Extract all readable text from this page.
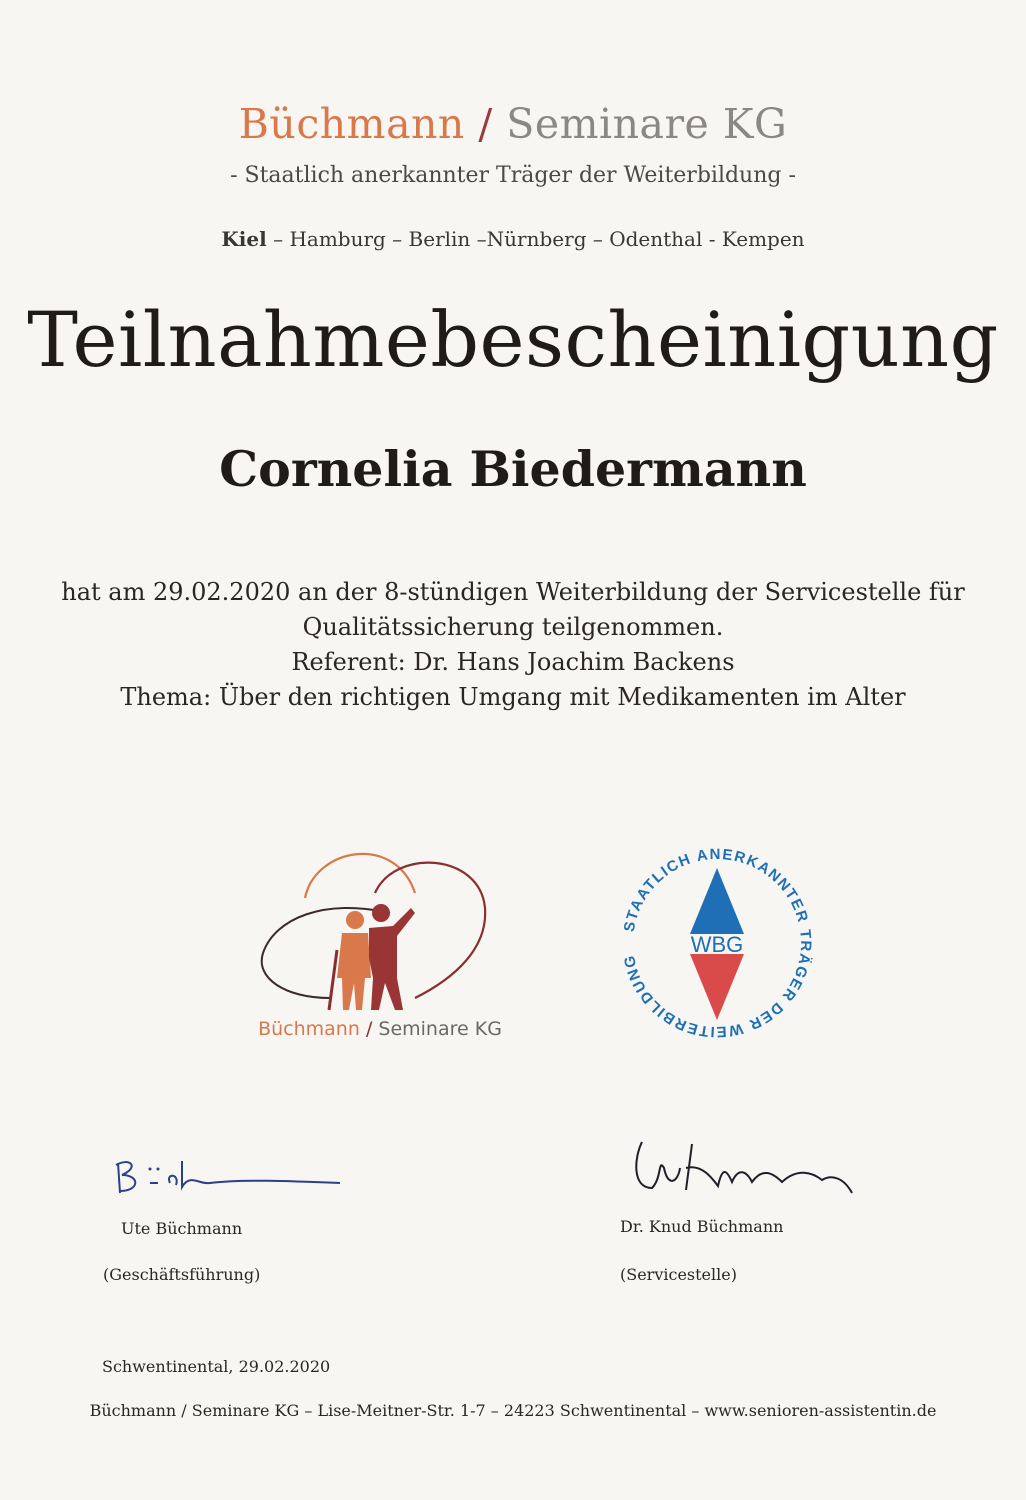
Büchmann / Seminare KG
- Staatlich anerkannter Träger der Weiterbildung -
Kiel – Hamburg – Berlin –Nürnberg – Odenthal - Kempen
Teilnahmebescheinigung
Cornelia Biedermann
hat am 29.02.2020 an der 8-stündigen Weiterbildung der Servicestelle für
Qualitätssicherung teilgenommen.
Referent: Dr. Hans Joachim Backens
Thema: Über den richtigen Umgang mit Medikamenten im Alter
Büchmann / Seminare KG
STAATLICH ANERKANNTER TRÄGER DER WEITERBILDUNG
WBG
Ute Büchmann
(Geschäftsführung)
Dr. Knud Büchmann
(Servicestelle)
Schwentinental, 29.02.2020
Büchmann / Seminare KG – Lise-Meitner-Str. 1-7 – 24223 Schwentinental – www.senioren-assistentin.de
